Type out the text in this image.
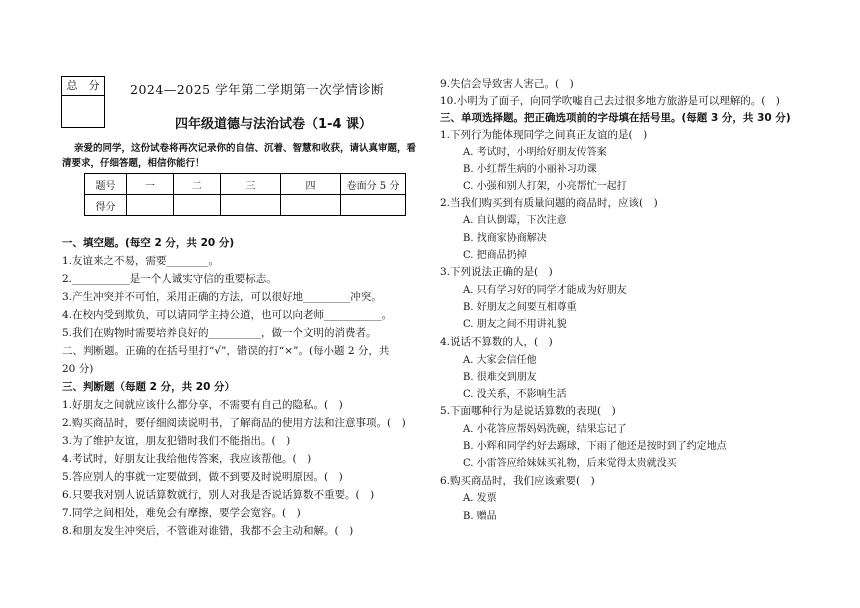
总　分	2024—2025 学年第二学期第一次学情诊断
四年级道德与法治试卷（1-4 课）
亲爱的同学，这份试卷将再次记录你的自信、沉着、智慧和收获，请认真审题，看
清要求，仔细答题，相信你能行！
题号	一	二	三	四	卷面分 5 分
得分					
一、填空题。(每空 2 分，共 20 分)
1.友谊来之不易，需要________。
2.___________是一个人诚实守信的重要标志。
3.产生冲突并不可怕，采用正确的方法，可以很好地_________冲突。
4.在校内受到欺负，可以请同学主持公道，也可以向老师___________。
5.我们在购物时需要培养良好的__________，做一个文明的消费者。
二、判断题。正确的在括号里打“√”，错误的打“×”。(每小题 2 分，共
20 分)
三、判断题（每题 2 分，共 20 分）
1.好朋友之间就应该什么都分享，不需要有自己的隐私。(　)
2.购买商品时，要仔细阅读说明书，了解商品的使用方法和注意事项。(　)
3.为了维护友谊，朋友犯错时我们不能指出。(　)
4.考试时，好朋友让我给他传答案，我应该帮他。(　)
5.答应别人的事就一定要做到，做不到要及时说明原因。(　)
6.只要我对别人说话算数就行，别人对我是否说话算数不重要。(　)
7.同学之间相处，难免会有摩擦，要学会宽容。(　)
8.和朋友发生冲突后，不管谁对谁错，我都不会主动和解。(　)
9.失信会导致害人害己。(　)
10.小明为了面子，向同学吹嘘自己去过很多地方旅游是可以理解的。(　)
三、单项选择题。把正确选项前的字母填在括号里。(每题 3 分，共 30 分)
1.下列行为能体现同学之间真正友谊的是(　)
A. 考试时，小明给好朋友传答案
B. 小红帮生病的小丽补习功课
C. 小强和别人打架，小亮帮忙一起打
2.当我们购买到有质量问题的商品时，应该(　)
A. 自认倒霉，下次注意
B. 找商家协商解决
C. 把商品扔掉
3.下列说法正确的是(　)
A. 只有学习好的同学才能成为好朋友
B. 好朋友之间要互相尊重
C. 朋友之间不用讲礼貌
4.说话不算数的人，(　)
A. 大家会信任他
B. 很难交到朋友
C. 没关系，不影响生活
5.下面哪种行为是说话算数的表现(　)
A. 小花答应帮妈妈洗碗，结果忘记了
B. 小辉和同学约好去踢球，下雨了他还是按时到了约定地点
C. 小雷答应给妹妹买礼物，后来觉得太贵就没买
6.购买商品时，我们应该索要(　)
A. 发票
B. 赠品
